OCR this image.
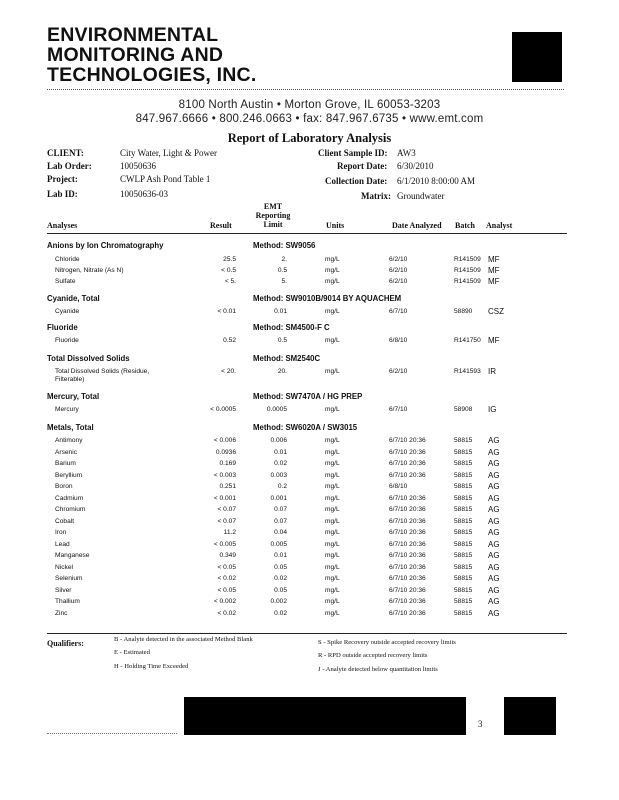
ENVIRONMENTAL
MONITORING AND
TECHNOLOGIES, INC.
8100 North Austin • Morton Grove, IL 60053-3203
847.967.6666 • 800.246.0663 • fax: 847.967.6735 • www.emt.com
Report of Laboratory Analysis
CLIENT:	City Water, Light & Power
Lab Order:	10050636
Project:	CWLP Ash Pond Table 1
Lab ID:	10050636-03
Client Sample ID: AW3
Report Date: 6/30/2010
Collection Date: 6/1/2010 8:00:00 AM
Matrix: Groundwater
Analyses	Result
EMT
Reporting
Limit	Units	Date Analyzed Batch Analyst
Anions by Ion Chromatography	Method: SW9056
Chloride	25.5	2.	mg/L	6/2/10	R141509 MF
Nitrogen, Nitrate (As N)	< 0.5	0.5	mg/L	6/2/10	R141509 MF
Sulfate	< 5.	5.	mg/L	6/2/10	R141509 MF
Cyanide, Total	Method: SW9010B/9014 BY AQUACHEM
Cyanide	< 0.01	0.01	mg/L	6/7/10	58890 CSZ
Fluoride	Method: SM4500-F C
Fluoride	0.52	0.5	mg/L	6/8/10	R141750 MF
Total Dissolved Solids	Method: SM2540C
Total Dissolved Solids (Residue,
Filterable)
< 20.	20.	mg/L	6/2/10	R141593 IR
Mercury, Total	Method: SW7470A / HG PREP
Mercury	< 0.0005	0.0005	mg/L	6/7/10	58908 IG
Metals, Total	Method: SW6020A / SW3015
Antimony	< 0.006	0.006	mg/L	6/7/10 20:36	58815 AG
Arsenic	0.0936	0.01	mg/L	6/7/10 20:36	58815 AG
Barium	0.169	0.02	mg/L	6/7/10 20:36	58815 AG
Beryllium	< 0.003	0.003	mg/L	6/7/10 20:36	58815 AG
Boron	0.251	0.2	mg/L	6/8/10	58815 AG
Cadmium	< 0.001	0.001	mg/L	6/7/10 20:36	58815 AG
Chromium	< 0.07	0.07	mg/L	6/7/10 20:36	58815 AG
Cobalt	< 0.07	0.07	mg/L	6/7/10 20:36	58815 AG
Iron	11.2	0.04	mg/L	6/7/10 20:36	58815 AG
Lead	< 0.005	0.005	mg/L	6/7/10 20:36	58815 AG
Manganese	0.349	0.01	mg/L	6/7/10 20:36	58815 AG
Nickel	< 0.05	0.05	mg/L	6/7/10 20:36	58815 AG
Selenium	< 0.02	0.02	mg/L	6/7/10 20:36	58815 AG
Silver	< 0.05	0.05	mg/L	6/7/10 20:36	58815 AG
Thallium	< 0.002	0.002	mg/L	6/7/10 20:36	58815 AG
Zinc	< 0.02	0.02	mg/L	6/7/10 20:36	58815 AG
Qualifiers:	B - Analyte detected in the associated Method Blank
E - Estimated
H - Holding Time Exceeded
S - Spike Recovery outside accepted recovery limits
R - RPD outside accepted recovery limits
J - Analyte detected below quantitation limits
3
